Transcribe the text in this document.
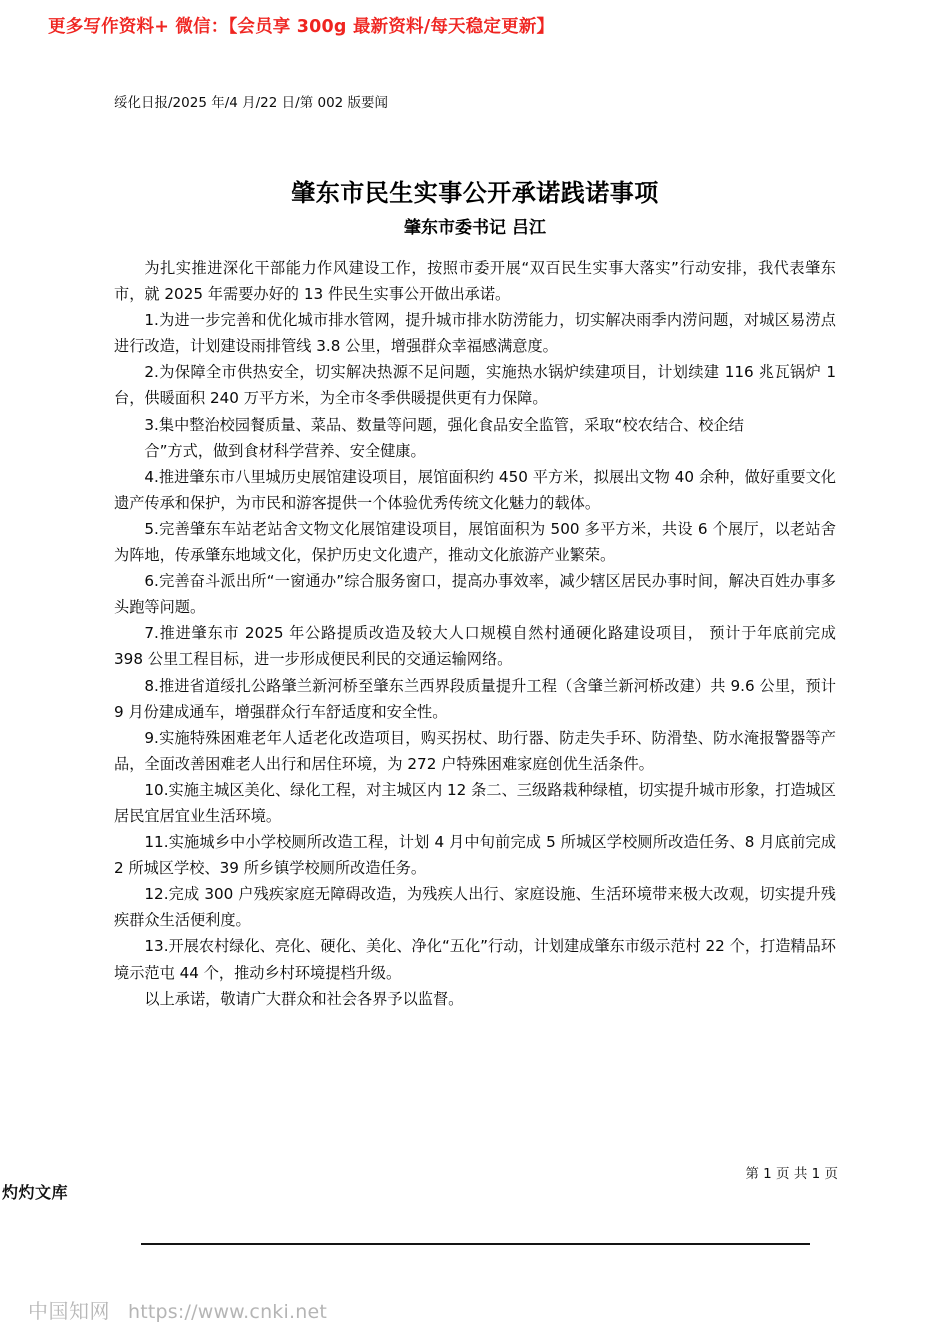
更多写作资料+ 微信：【会员享 300g 最新资料/每天稳定更新】
绥化日报/2025 年/4 月/22 日/第 002 版要闻
肇东市民生实事公开承诺践诺事项
肇东市委书记 吕江

为扎实推进深化干部能力作风建设工作，按照市委开展“双百民生实事大落实”行动安排，我代表肇东市，就 2025 年需要办好的 13 件民生实事公开做出承诺。

1.为进一步完善和优化城市排水管网，提升城市排水防涝能力，切实解决雨季内涝问题，对城区易涝点进行改造，计划建设雨排管线 3.8 公里，增强群众幸福感满意度。

2.为保障全市供热安全，切实解决热源不足问题，实施热水锅炉续建项目，计划续建 116 兆瓦锅炉 1 台，供暖面积 240 万平方米，为全市冬季供暖提供更有力保障。

3.集中整治校园餐质量、菜品、数量等问题，强化食品安全监管，采取“校农结合、校企结

合”方式，做到食材科学营养、安全健康。

4.推进肇东市八里城历史展馆建设项目，展馆面积约 450 平方米，拟展出文物 40 余种，做好重要文化遗产传承和保护，为市民和游客提供一个体验优秀传统文化魅力的载体。

5.完善肇东车站老站舍文物文化展馆建设项目，展馆面积为 500 多平方米，共设 6 个展厅，以老站舍为阵地，传承肇东地域文化，保护历史文化遗产，推动文化旅游产业繁荣。

6.完善奋斗派出所“一窗通办”综合服务窗口，提高办事效率，减少辖区居民办事时间，解决百姓办事多头跑等问题。

7.推进肇东市 2025 年公路提质改造及较大人口规模自然村通硬化路建设项目， 预计于年底前完成 398 公里工程目标，进一步形成便民利民的交通运输网络。

8.推进省道绥扎公路肇兰新河桥至肇东兰西界段质量提升工程（含肇兰新河桥改建）共 9.6 公里，预计 9 月份建成通车，增强群众行车舒适度和安全性。

9.实施特殊困难老年人适老化改造项目，购买拐杖、助行器、防走失手环、防滑垫、防水淹报警器等产品，全面改善困难老人出行和居住环境，为 272 户特殊困难家庭创优生活条件。

10.实施主城区美化、绿化工程，对主城区内 12 条二、三级路栽种绿植，切实提升城市形象，打造城区居民宜居宜业生活环境。

11.实施城乡中小学校厕所改造工程，计划 4 月中旬前完成 5 所城区学校厕所改造任务、8 月底前完成 2 所城区学校、39 所乡镇学校厕所改造任务。

12.完成 300 户残疾家庭无障碍改造，为残疾人出行、家庭设施、生活环境带来极大改观，切实提升残疾群众生活便利度。

13.开展农村绿化、亮化、硬化、美化、净化“五化”行动，计划建成肇东市级示范村 22 个，打造精品环境示范屯 44 个，推动乡村环境提档升级。

以上承诺，敬请广大群众和社会各界予以监督。

第 1 页 共 1 页
灼灼文库
中国知网 https://www.cnki.net
